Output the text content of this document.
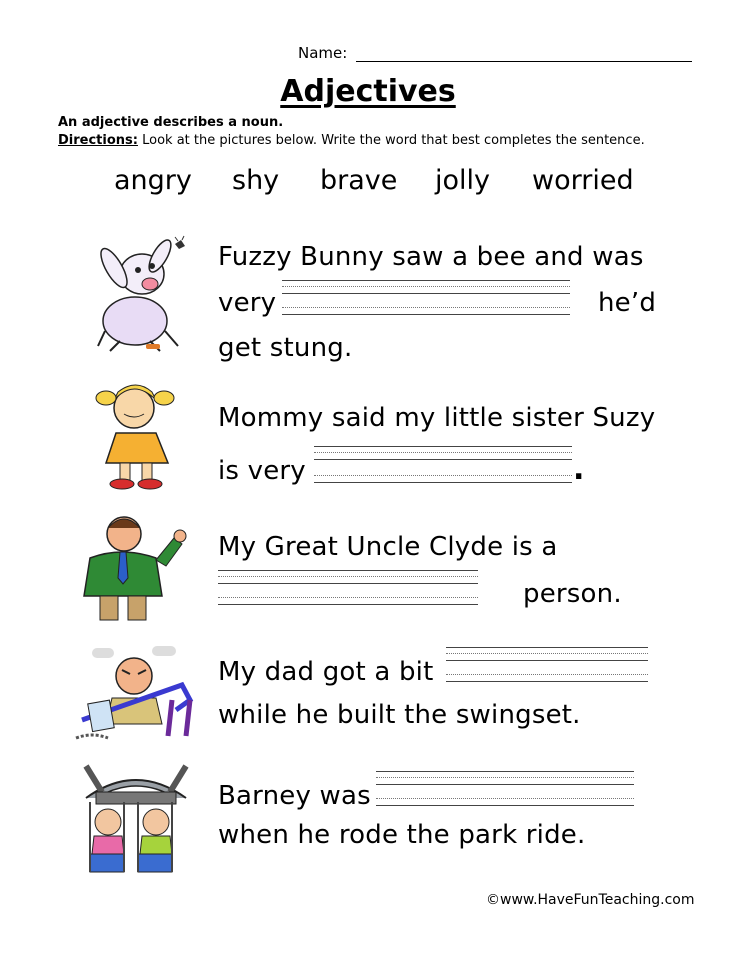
Name:
Adjectives
An adjective describes a noun.
Directions: Look at the pictures below. Write the word that best completes the sentence.
angry shy brave jolly worried
Fuzzy Bunny saw a bee and was
very	he’d
get stung.
Mommy said my little sister Suzy
is very	.
My Great Uncle Clyde is a
person.
My dad got a bit
while he built the swingset.
Barney was
when he rode the park ride.
©www.HaveFunTeaching.com
